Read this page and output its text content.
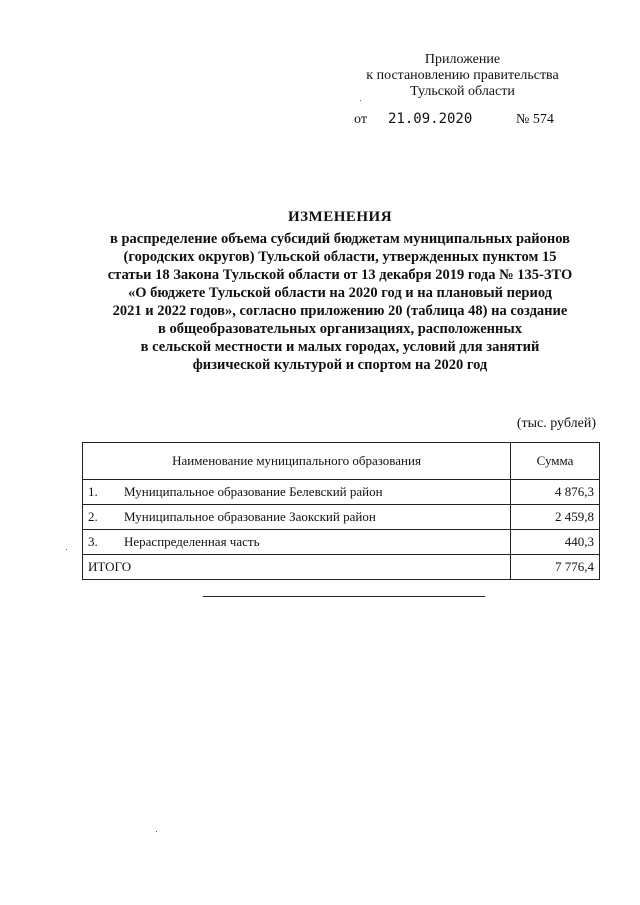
Приложение
к постановлению правительства
Тульской области
от 21.09.2020	№ 574
ИЗМЕНЕНИЯ
в распределение объема субсидий бюджетам муниципальных районов
(городских округов) Тульской области, утвержденных пунктом 15
статьи 18 Закона Тульской области от 13 декабря 2019 года № 135-ЗТО
«О бюджете Тульской области на 2020 год и на плановый период
2021 и 2022 годов», согласно приложению 20 (таблица 48) на создание
в общеобразовательных организациях, расположенных
в сельской местности и малых городах, условий для занятий
физической культурой и спортом на 2020 год
(тыс. рублей)
Наименование муниципального образования	Сумма
1. Муниципальное образование Белевский район	4 876,3
2. Муниципальное образование Заокский район	2 459,8
3. Нераспределенная часть	440,3
ИТОГО	7 776,4
